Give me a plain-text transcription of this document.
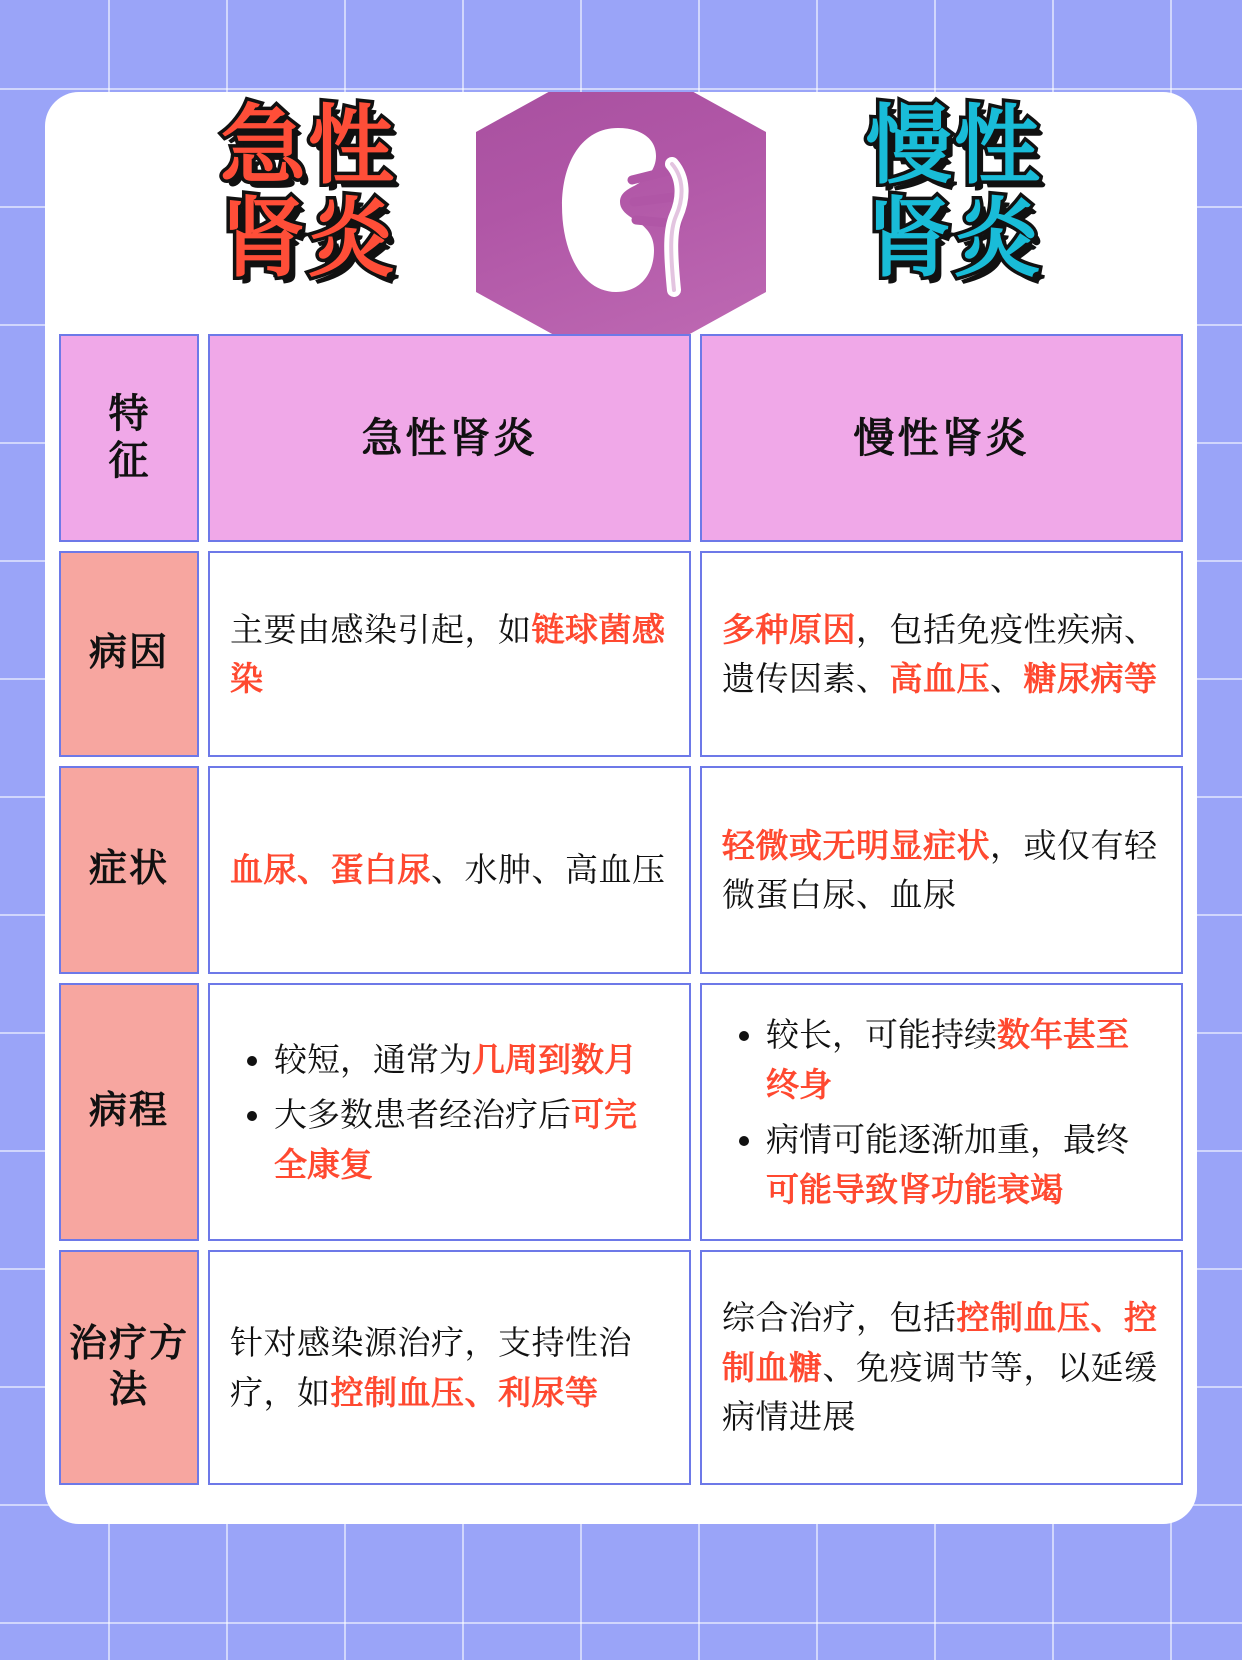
急性
肾炎
慢性
肾炎
特
征
急性肾炎	慢性肾炎
病因
主要由感染引起，如链球菌感染
多种原因，包括免疫性疾病、遗传因素、高血压、糖尿病等
症状	血尿、蛋白尿、水肿、高血压
轻微或无明显症状，或仅有轻微蛋白尿、血尿
病程
• 较短，通常为几周到数月
• 大多数患者经治疗后可完全康复
• 较长，可能持续数年甚至终身
• 病情可能逐渐加重，最终可能导致肾功能衰竭
治疗方法
针对感染源治疗，支持性治疗，如控制血压、利尿等
综合治疗，包括控制血压、控制血糖、免疫调节等，以延缓病情进展
